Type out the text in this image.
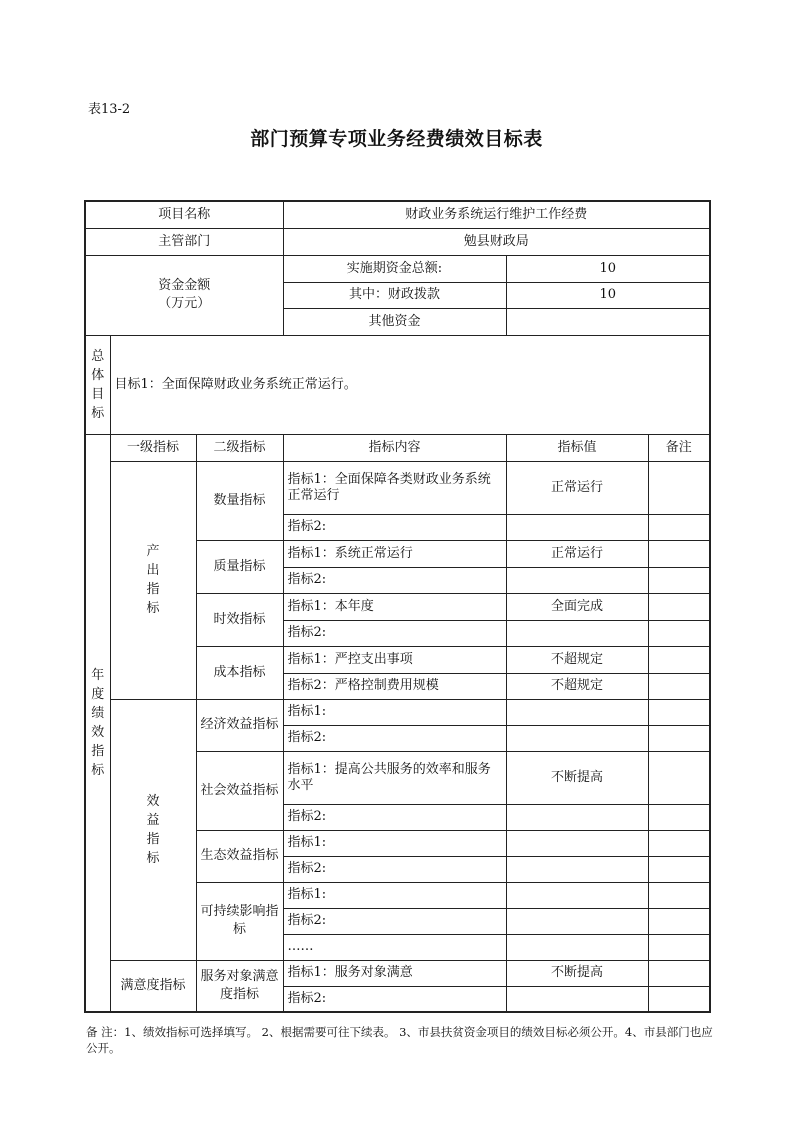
表13-2
部门预算专项业务经费绩效目标表
项目名称			财政业务系统运行维护工作经费		
主管部门			勉县财政局		
资金金额
（万元）			实施期资金总额:	10	
			其中：财政拨款	10	
			其他资金		
总体目标	目标1：全面保障财政业务系统正常运行。				
年度绩效指标	一级指标	二级指标	指标内容	指标值	备注
	产出指标	数量指标	指标1：全面保障各类财政业务系统正常运行	正常运行	
			指标2:		
		质量指标	指标1：系统正常运行	正常运行	
			指标2:		
		时效指标	指标1：本年度	全面完成	
			指标2:		
		成本指标	指标1：严控支出事项	不超规定	
			指标2：严格控制费用规模	不超规定	
	效益指标	经济效益指标	指标1:		
			指标2:		
		社会效益指标	指标1：提高公共服务的效率和服务水平	不断提高	
			指标2:		
		生态效益指标	指标1:		
			指标2:		
		可持续影响指标	指标1:		
			指标2:		
			……		
	满意度指标	服务对象满意度指标	指标1：服务对象满意	不断提高	
			指标2:		
备 注：1、绩效指标可选择填写。 2、根据需要可往下续表。 3、市县扶贫资金项目的绩效目标必须公开。4、市县部门也应公开。
